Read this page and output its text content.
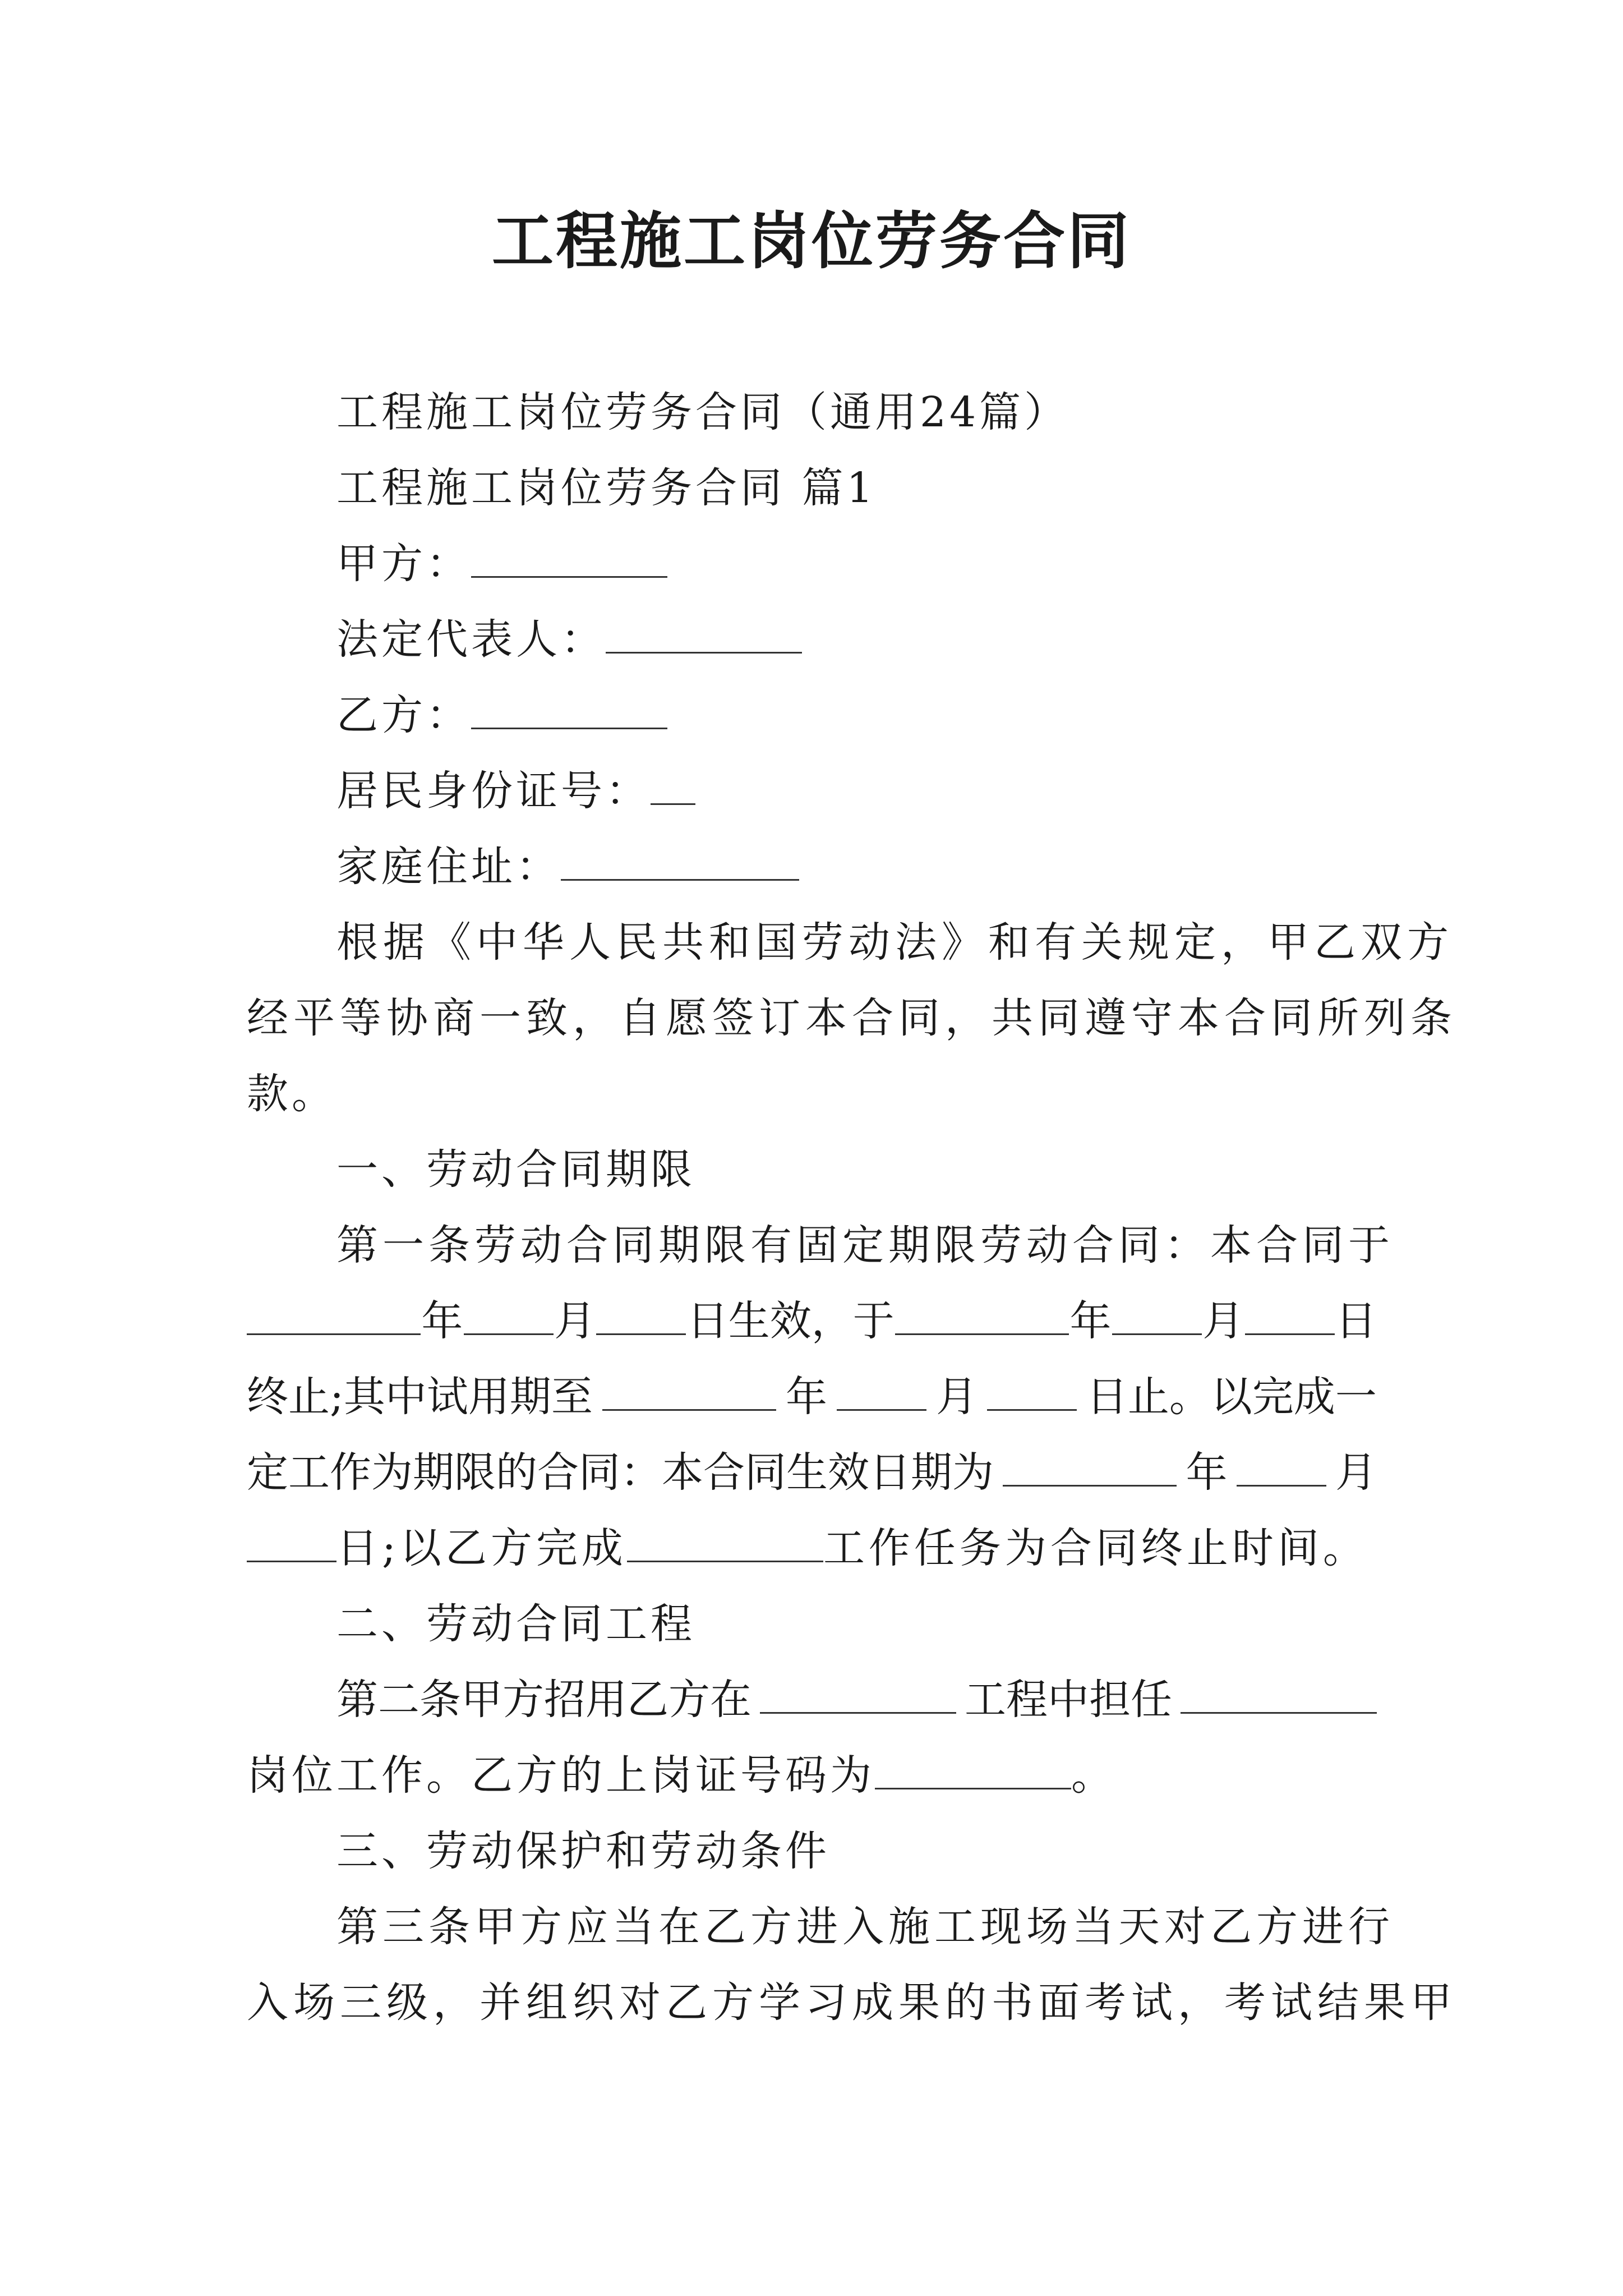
工程施工岗位劳务合同
工程施工岗位劳务合同（通用24篇）
工程施工岗位劳务合同 篇1
甲方：
法定代表人：
乙方：
居民身份证号：
家庭住址：
根据《中华人民共和国劳动法》和有关规定，甲乙双方
经平等协商一致，自愿签订本合同，共同遵守本合同所列条
款。
一、劳动合同期限
第一条劳动合同期限有固定期限劳动合同：本合同于
年 月 日生效，于	年 月 日
终止;其中试用期至	年	月	日止。以完成一
定工作为期限的合同：本合同生效日期为	年	月
日;以乙方完成	工作任务为合同终止时间。
二、劳动合同工程
第二条甲方招用乙方在	工程中担任
岗位工作。乙方的上岗证号码为	。
三、劳动保护和劳动条件
第三条甲方应当在乙方进入施工现场当天对乙方进行
入场三级，并组织对乙方学习成果的书面考试，考试结果甲
